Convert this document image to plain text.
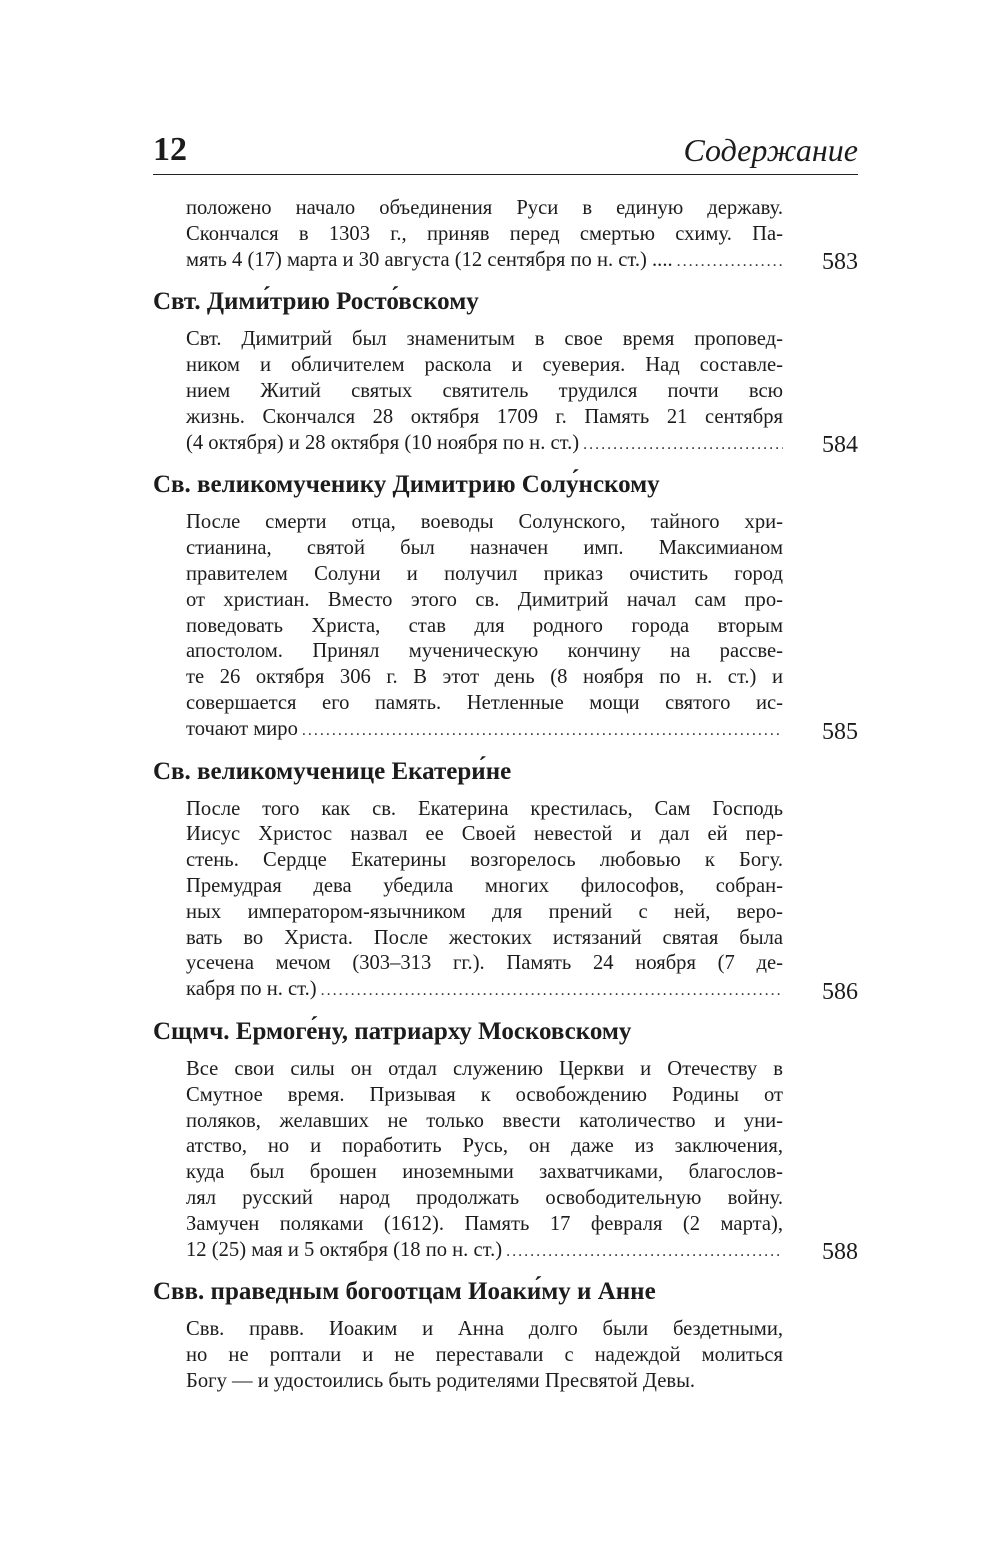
12	Содержание
положено начало объединения Руси в единую державу.
Скончался в 1303 г., приняв перед смертью схиму. Па-
мять 4 (17) марта и 30 августа (12 сентября по н. ст.) .... .....	583
Свт. Дими́трию Росто́вскому
Свт. Димитрий был знаменитым в свое время проповед-
ником и обличителем раскола и суеверия. Над составле-
нием Житий святых святитель трудился почти всю
жизнь. Скончался 28 октября 1709 г. Память 21 сентября
(4 октября) и 28 октября (10 ноября по н. ст.) .....	584
Св. великомученику Димитрию Солу́нскому
После смерти отца, воеводы Солунского, тайного хри-
стианина, святой был назначен имп. Максимианом
правителем Солуни и получил приказ очистить город
от христиан. Вместо этого св. Димитрий начал сам про-
поведовать Христа, став для родного города вторым
апостолом. Принял мученическую кончину на рассве-
те 26 октября 306 г. В этот день (8 ноября по н. ст.) и
совершается его память. Нетленные мощи святого ис-
точают миро .....	585
Св. великомученице Екатери́не
После того как св. Екатерина крестилась, Сам Господь
Иисус Христос назвал ее Своей невестой и дал ей пер-
стень. Сердце Екатерины возгорелось любовью к Богу.
Премудрая дева убедила многих философов, собран-
ных императором-язычником для прений с ней, веро-
вать во Христа. После жестоких истязаний святая была
усечена мечом (303–313 гг.). Память 24 ноября (7 де-
кабря по н. ст.) .....	586
Сщмч. Ермоге́ну, патриарху Московскому
Все свои силы он отдал служению Церкви и Отечеству в
Смутное время. Призывая к освобождению Родины от
поляков, желавших не только ввести католичество и уни-
атство, но и поработить Русь, он даже из заключения,
куда был брошен иноземными захватчиками, благослов-
лял русский народ продолжать освободительную войну.
Замучен поляками (1612). Память 17 февраля (2 марта),
12 (25) мая и 5 октября (18 по н. ст.) .....	588
Свв. праведным богоотцам Иоаки́му и Анне
Свв. правв. Иоаким и Анна долго были бездетными,
но не роптали и не переставали с надеждой молиться
Богу — и удостоились быть родителями Пресвятой Девы.
